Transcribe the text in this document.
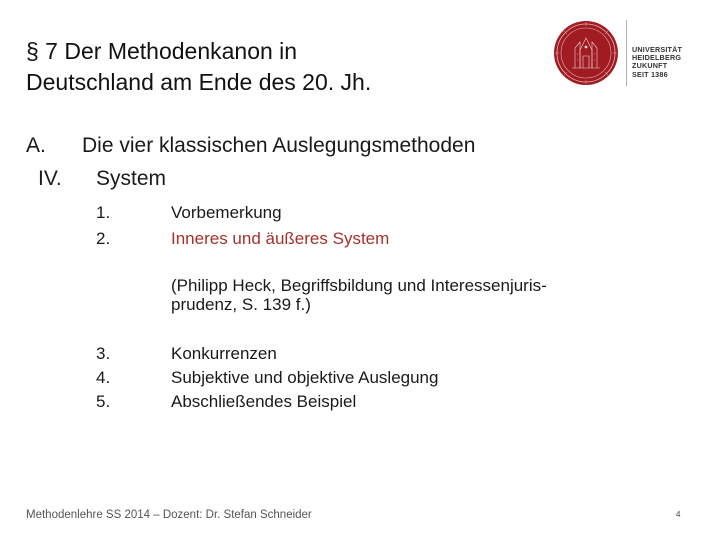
§ 7 Der Methodenkanon in
Deutschland am Ende des 20. Jh.
UNIVERSITÄT
HEIDELBERG
ZUKUNFT
SEIT 1386
A. Die vier klassischen Auslegungsmethoden
IV. System
1.	Vorbemerkung
2.	Inneres und äußeres System
(Philipp Heck, Begriffsbildung und Interessenjuris-
prudenz, S. 139 f.)
3.	Konkurrenzen
4.	Subjektive und objektive Auslegung
5.	Abschließendes Beispiel
Methodenlehre SS 2014 – Dozent: Dr. Stefan Schneider	4
